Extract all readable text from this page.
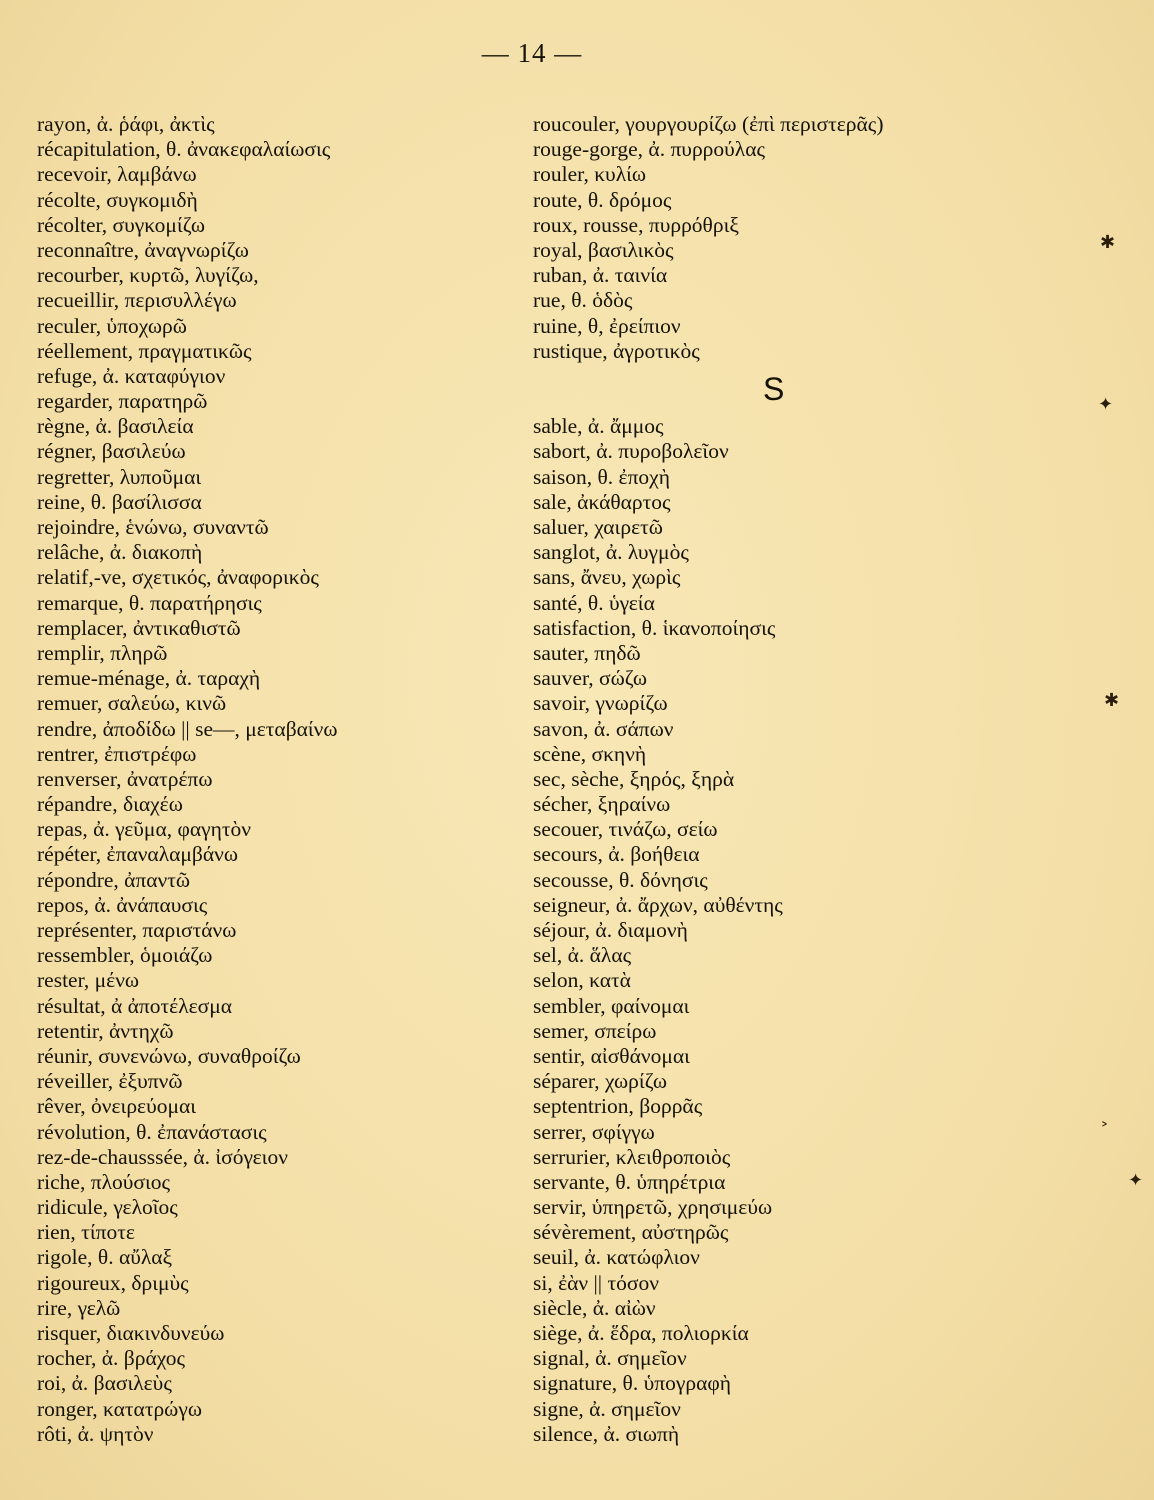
— 14 —
rayon, ἀ. ῥάφι, ἀκτὶς
récapitulation, θ. ἀνακεφαλαίωσις
recevoir, λαμβάνω
récolte, συγκομιδὴ
récolter, συγκομίζω
reconnaître, ἀναγνωρίζω
recourber, κυρτῶ, λυγίζω,
recueillir, περισυλλέγω
reculer, ὑποχωρῶ
réellement, πραγματικῶς
refuge, ἀ. καταφύγιον
regarder, παρατηρῶ
règne, ἀ. βασιλεία
régner, βασιλεύω
regretter, λυποῦμαι
reine, θ. βασίλισσα
rejoindre, ἑνώνω, συναντῶ
relâche, ἀ. διακοπὴ
relatif,-ve, σχετικός, ἀναφορικὸς
remarque, θ. παρατήρησις
remplacer, ἀντικαθιστῶ
remplir, πληρῶ
remue-ménage, ἀ. ταραχὴ
remuer, σαλεύω, κινῶ
rendre, ἀποδίδω || se—, μεταβαίνω
rentrer, ἐπιστρέφω
renverser, ἀνατρέπω
répandre, διαχέω
repas, ἀ. γεῦμα, φαγητὸν
répéter, ἐπαναλαμβάνω
répondre, ἀπαντῶ
repos, ἀ. ἀνάπαυσις
représenter, παριστάνω
ressembler, ὁμοιάζω
rester, μένω
résultat, ἀ ἀποτέλεσμα
retentir, ἀντηχῶ
réunir, συνενώνω, συναθροίζω
réveiller, ἐξυπνῶ
rêver, ὀνειρεύομαι
révolution, θ. ἐπανάστασις
rez-de-chausssée, ἀ. ἰσόγειον
riche, πλούσιος
ridicule, γελοῖος
rien, τίποτε
rigole, θ. αὔλαξ
rigoureux, δριμὺς
rire, γελῶ
risquer, διακινδυνεύω
rocher, ἀ. βράχος
roi, ἀ. βασιλεὺς
ronger, κατατρώγω
rôti, ἀ. ψητὸν
roucouler, γουργουρίζω (ἐπὶ περιστερᾶς)
rouge-gorge, ἀ. πυρρούλας
rouler, κυλίω
route, θ. δρόμος
roux, rousse, πυρρόθριξ
royal, βασιλικὸς
ruban, ἀ. ταινία
rue, θ. ὁδὸς
ruine, θ, ἐρείπιον
rustique, ἀγροτικὸς
S
sable, ἀ. ἄμμος
sabort, ἀ. πυροβολεῖον
saison, θ. ἐποχὴ
sale, ἀκάθαρτος
saluer, χαιρετῶ
sanglot, ἀ. λυγμὸς
sans, ἄνευ, χωρὶς
santé, θ. ὑγεία
satisfaction, θ. ἱκανοποίησις
sauter, πηδῶ
sauver, σώζω
savoir, γνωρίζω
savon, ἀ. σάπων
scène, σκηνὴ
sec, sèche, ξηρός, ξηρὰ
sécher, ξηραίνω
secouer, τινάζω, σείω
secours, ἀ. βοήθεια
secousse, θ. δόνησις
seigneur, ἀ. ἄρχων, αὐθέντης
séjour, ἀ. διαμονὴ
sel, ἀ. ἅλας
selon, κατὰ
sembler, φαίνομαι
semer, σπείρω
sentir, αἰσθάνομαι
séparer, χωρίζω
septentrion, βορρᾶς
serrer, σφίγγω
serrurier, κλειθροποιὸς
servante, θ. ὑπηρέτρια
servir, ὑπηρετῶ, χρησιμεύω
sévèrement, αὐστηρῶς
seuil, ἀ. κατώφλιον
si, ἐὰν || τόσον
siècle, ἀ. αἰὼν
siège, ἀ. ἕδρα, πολιορκία
signal, ἀ. σημεῖον
signature, θ. ὑπογραφὴ
signe, ἀ. σημεῖον
silence, ἀ. σιωπὴ
✱
✦
✱
˃
✦
